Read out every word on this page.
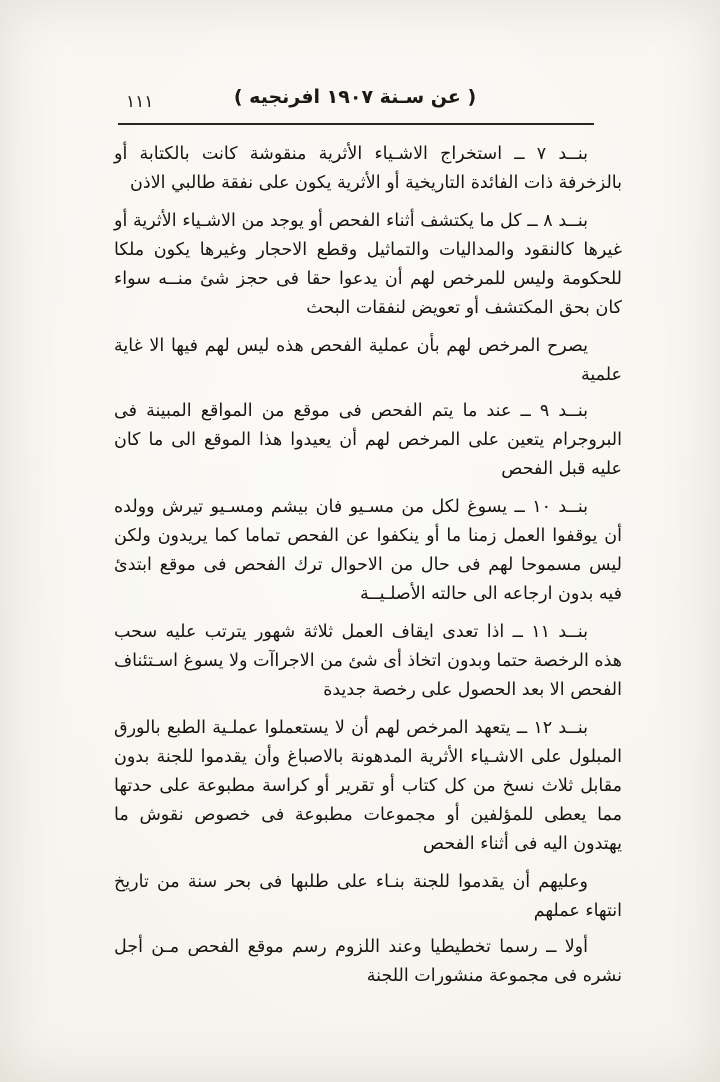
١١١	( عن سـنة ١٩٠٧ افرنجيه )

بنــد ٧ ــ استخراج الاشـياء الأثرية منقوشة كانت بالكتابة أو بالزخرفة ذات الفائدة التاريخية أو الأثرية يكون على نفقة طالبي الاذن

بنــد ٨ ــ كل ما يكتشف أثناء الفحص أو يوجد من الاشـياء الأثرية أو غيرها كالنقود والمداليات والتماثيل وقطع الاحجار وغيرها يكون ملكا للحكومة وليس للمرخص لهم أن يدعوا حقا فى حجز شئ منــه سواء كان بحق المكتشف أو تعويض لنفقات البحث

يصرح المرخص لهم بأن عملية الفحص هذه ليس لهم فيها الا غاية علمية

بنــد ٩ ــ عند ما يتم الفحص فى موقع من المواقع المبينة فى البروجرام يتعين على المرخص لهم أن يعيدوا هذا الموقع الى ما كان عليه قبل الفحص

بنــد ١٠ ــ يسوغ لكل من مسـيو فان بيشم ومسـيو تيرش وولده أن يوقفوا العمل زمنا ما أو ينكفوا عن الفحص تماما كما يريدون ولكن ليس مسموحا لهم فى حال من الاحوال ترك الفحص فى موقع ابتدئ فيه بدون ارجاعه الى حالته الأصلـيــة

بنــد ١١ ــ اذا تعدى ايقاف العمل ثلاثة شهور يترتب عليه سحب هذه الرخصة حتما وبدون اتخاذ أى شئ من الاجراآت ولا يسوغ اسـتئناف الفحص الا بعد الحصول على رخصة جديدة

بنــد ١٢ ــ يتعهد المرخص لهم أن لا يستعملوا عملـية الطبع بالورق المبلول على الاشـياء الأثرية المدهونة بالاصباغ وأن يقدموا للجنة بدون مقابل ثلاث نسخ من كل كتاب أو تقرير أو كراسة مطبوعة على حدتها مما يعطى للمؤلفين أو مجموعات مطبوعة فى خصوص نقوش ما يهتدون اليه فى أثناء الفحص

وعليهم أن يقدموا للجنة بنـاء على طلبها فى بحر سنة من تاريخ انتهاء عملهم

أولا ــ رسما تخطيطيا وعند اللزوم رسم موقع الفحص مـن أجل نشره فى مجموعة منشورات اللجنة
